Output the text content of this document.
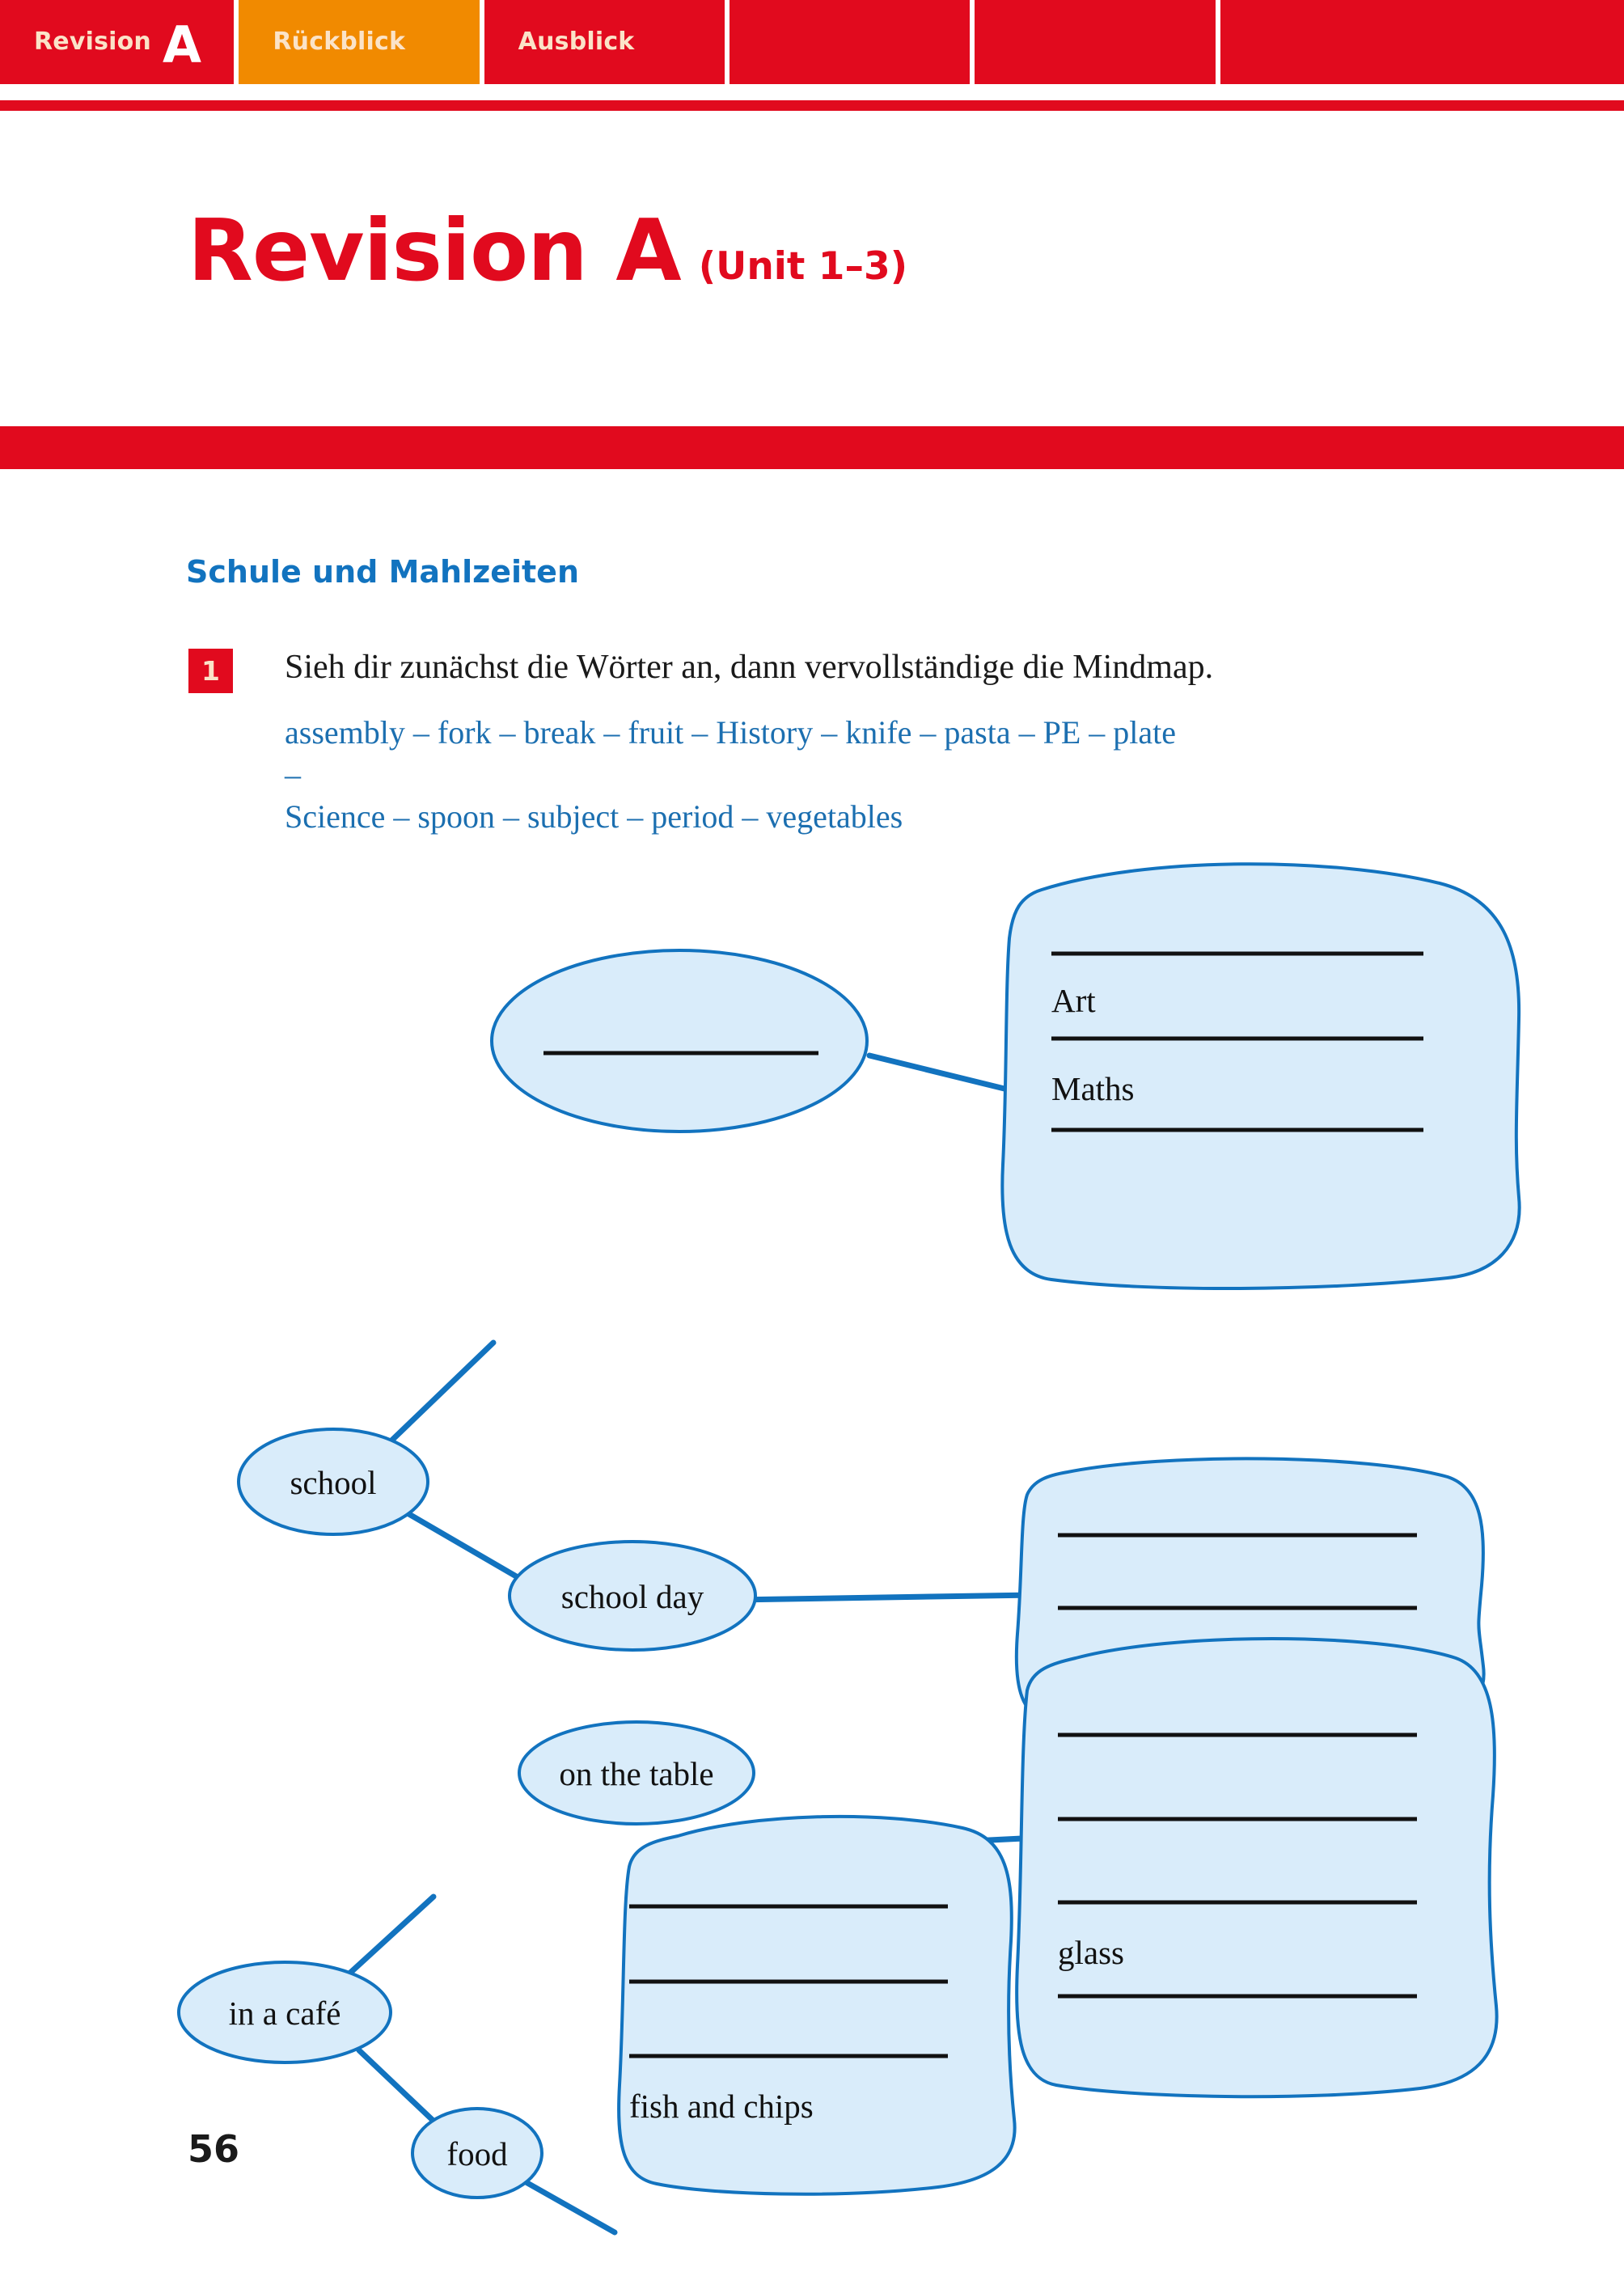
Revision A	Rückblick	Ausblick
Revision A (Unit 1–3)
Schule und Mahlzeiten
1	Sieh dir zunächst die Wörter an, dann vervollständige die Mindmap.
assembly – fork – break – fruit – History – knife – pasta – PE – plate –
Science – spoon – subject – period – vegetables
Art
Maths
school
school day
glass
on the table
in a café
fish and chips
food
56
